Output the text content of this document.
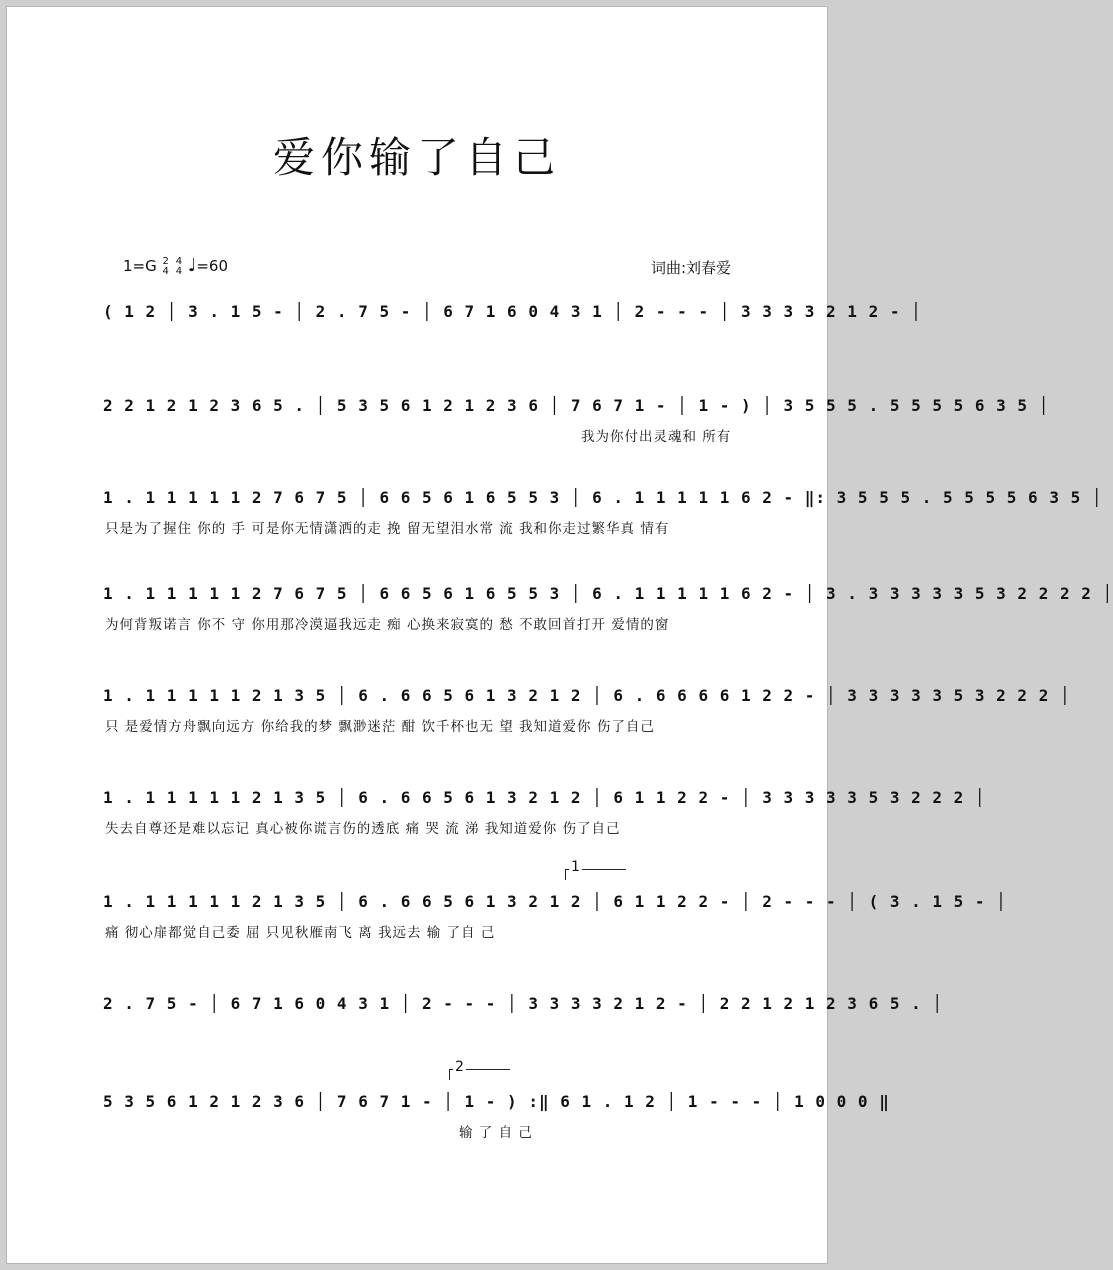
爱你输了自己
1=G 2
4 4
4 ♩=60	词曲:刘春爱
( 1 2 │ 3 . 1 5 - │ 2 . 7 5 - │ 6 7 1 6 0 4 3 1 │ 2 - - - │ 3 3 3 3 2 1 2 - │
2 2 1 2 1 2 3 6 5 . │ 5 3 5 6 1 2 1 2 3 6 │ 7 6 7 1 - │ 1 - ) │ 3 5 5 5 . 5 5 5 5 6 3 5 │
我为你付出灵魂和 所有
1 . 1 1 1 1 1 2 7 6 7 5 │ 6 6 5 6 1 6 5 5 3 │ 6 . 1 1 1 1 1 6 2 - ‖: 3 5 5 5 . 5 5 5 5 6 3 5 │
只是为了握住 你的 手 可是你无情潇洒的走 挽 留无望泪水常 流 我和你走过繁华真 情有
1 . 1 1 1 1 1 2 7 6 7 5 │ 6 6 5 6 1 6 5 5 3 │ 6 . 1 1 1 1 1 6 2 - │ 3 . 3 3 3 3 3 5 3 2 2 2 2 │
为何背叛诺言 你不 守 你用那冷漠逼我远走 痴 心换来寂寞的 愁 不敢回首打开 爱情的窗
1 . 1 1 1 1 1 2 1 3 5 │ 6 . 6 6 5 6 1 3 2 1 2 │ 6 . 6 6 6 6 1 2 2 - │ 3 3 3 3 3 5 3 2 2 2 │
只 是爱情方舟飘向远方 你给我的梦 飘渺迷茫 酣 饮千杯也无 望 我知道爱你 伤了自己
1 . 1 1 1 1 1 2 1 3 5 │ 6 . 6 6 5 6 1 3 2 1 2 │ 6 1 1 2 2 - │ 3 3 3 3 3 5 3 2 2 2 │
失去自尊还是难以忘记 真心被你谎言伤的透底 痛 哭 流 涕 我知道爱你 伤了自己
1
1 . 1 1 1 1 1 2 1 3 5 │ 6 . 6 6 5 6 1 3 2 1 2 │ 6 1 1 2 2 - │ 2 - - - │ ( 3 . 1 5 - │
痛 彻心扉都觉自己委 屈 只见秋雁南飞 离 我远去 输 了自 己
2 . 7 5 - │ 6 7 1 6 0 4 3 1 │ 2 - - - │ 3 3 3 3 2 1 2 - │ 2 2 1 2 1 2 3 6 5 . │
2
5 3 5 6 1 2 1 2 3 6 │ 7 6 7 1 - │ 1 - ) :‖ 6 1 . 1 2 │ 1 - - - │ 1 0 0 0 ‖
输 了 自 己
